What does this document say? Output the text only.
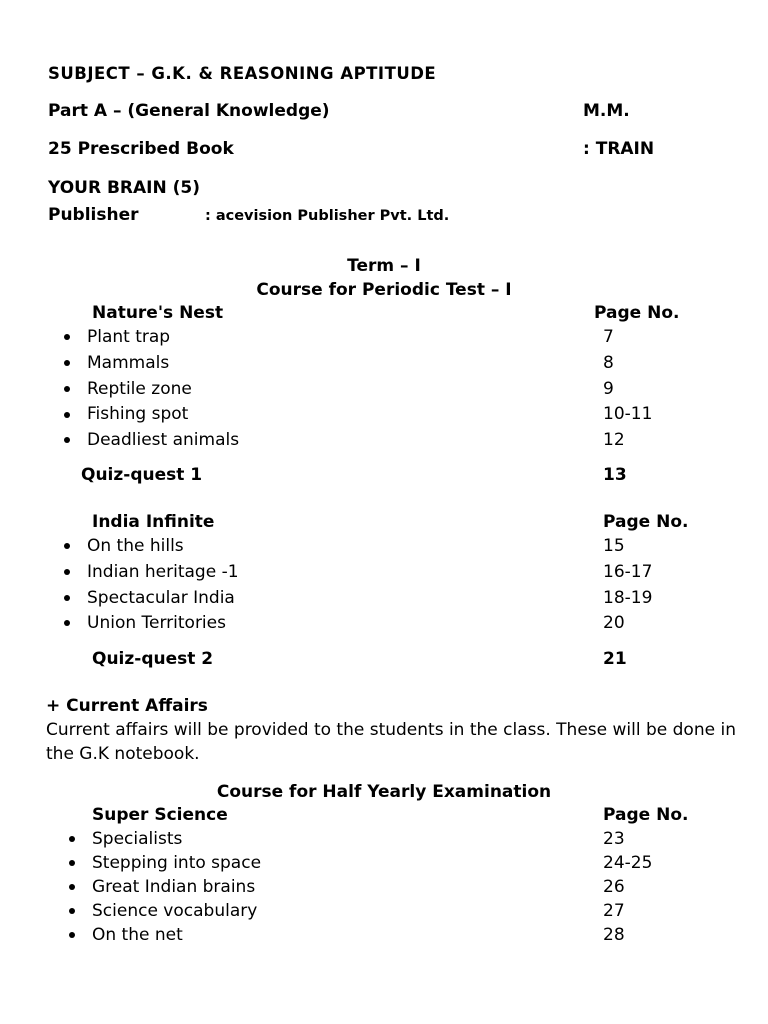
SUBJECT – G.K. & REASONING APTITUDE
Part A – (General Knowledge)	M.M.
25 Prescribed Book	: TRAIN
YOUR BRAIN (5)
Publisher	: acevision Publisher Pvt. Ltd.
Term – I
Course for Periodic Test – I
Nature's Nest	Page No.
Plant trap	7
Mammals	8
Reptile zone	9
Fishing spot	10-11
Deadliest animals	12
Quiz-quest 1	13
India Infinite	Page No.
On the hills	15
Indian heritage -1	16-17
Spectacular India	18-19
Union Territories	20
Quiz-quest 2	21
+ Current Affairs
Current affairs will be provided to the students in the class. These will be done in the G.K notebook.
Course for Half Yearly Examination
Super Science	Page No.
Specialists	23
Stepping into space	24-25
Great Indian brains	26
Science vocabulary	27
On the net	28
